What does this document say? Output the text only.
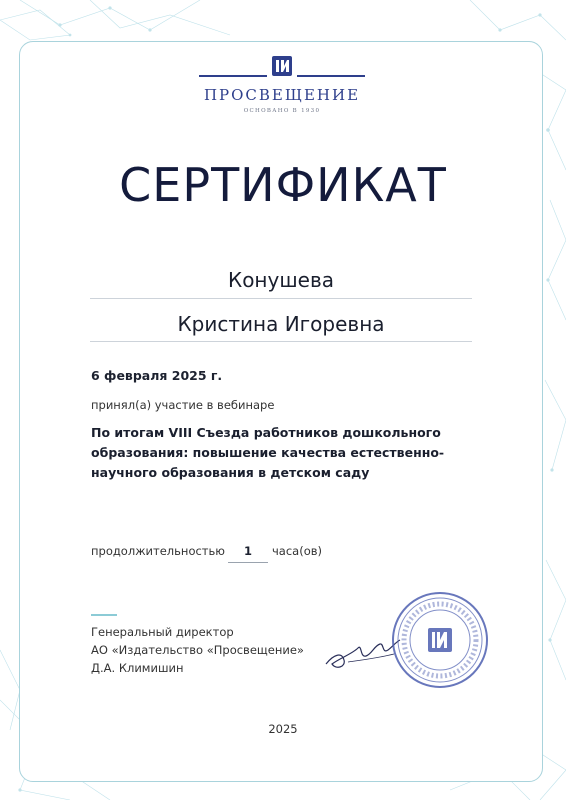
ПРОСВЕЩЕНИЕ
ОСНОВАНО В 1930
СЕРТИФИКАТ
Конушева
Кристина Игоревна
6 февраля 2025 г.
принял(а) участие в вебинаре
По итогам VIII Съезда работников дошкольного образования: повышение качества естественно-научного образования в детском саду
продолжительностью	1	часа(ов)
Генеральный директор
АО «Издательство «Просвещение»
Д.А. Климишин
2025
